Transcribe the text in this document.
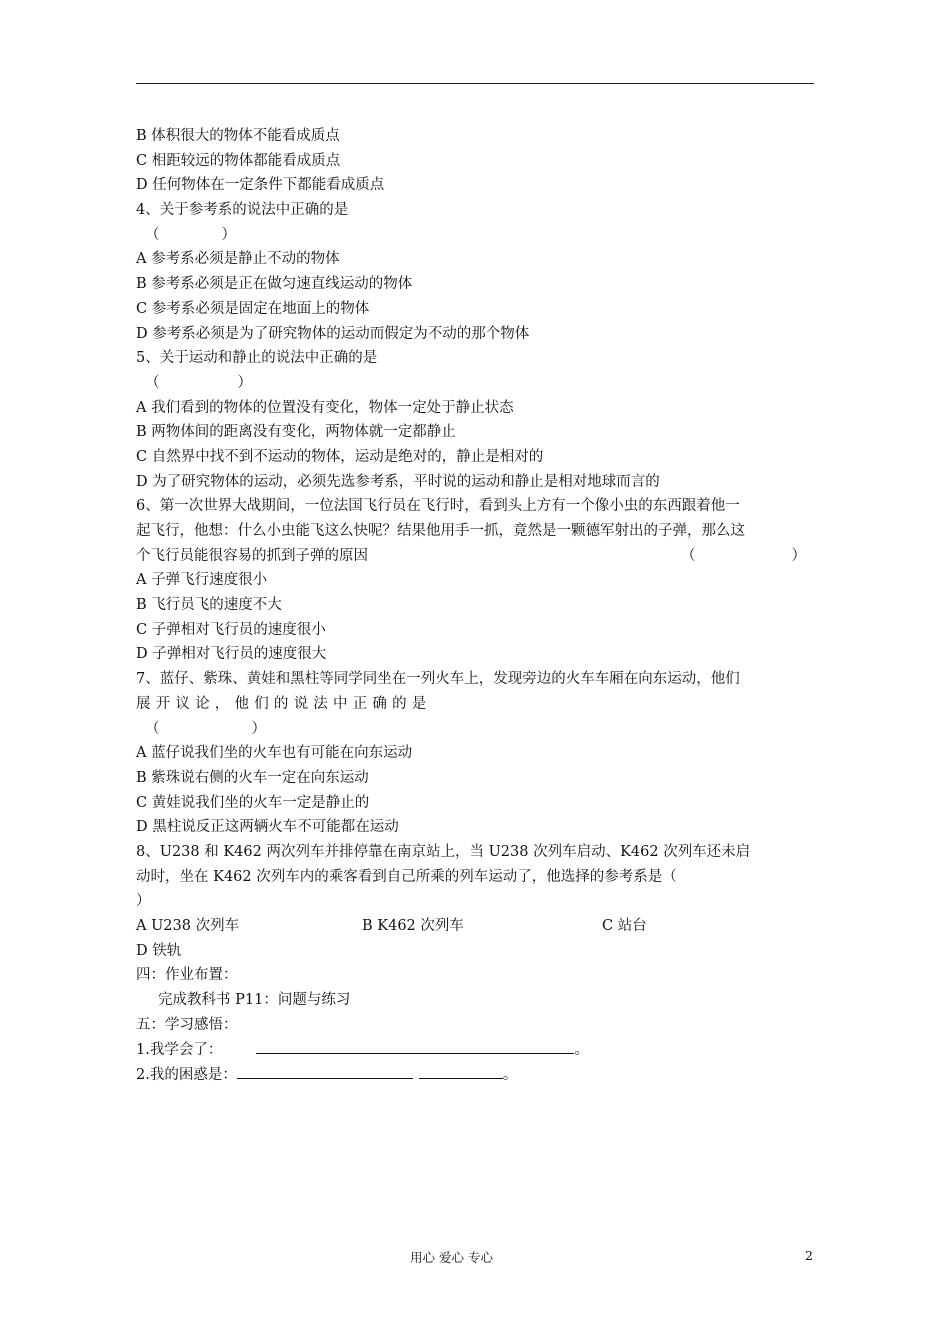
B 体积很大的物体不能看成质点
C 相距较远的物体都能看成质点
D 任何物体在一定条件下都能看成质点
4、关于参考系的说法中正确的是
（	）
A 参考系必须是静止不动的物体
B 参考系必须是正在做匀速直线运动的物体
C 参考系必须是固定在地面上的物体
D 参考系必须是为了研究物体的运动而假定为不动的那个物体
5、关于运动和静止的说法中正确的是
（	）
A 我们看到的物体的位置没有变化，物体一定处于静止状态
B 两物体间的距离没有变化，两物体就一定都静止
C 自然界中找不到不运动的物体，运动是绝对的，静止是相对的
D 为了研究物体的运动，必须先选参考系，平时说的运动和静止是相对地球而言的
6、第一次世界大战期间，一位法国飞行员在飞行时，看到头上方有一个像小虫的东西跟着他一
起飞行，他想：什么小虫能飞这么快呢？结果他用手一抓，竟然是一颗德军射出的子弹，那么这
个飞行员能很容易的抓到子弹的原因	（	）
A 子弹飞行速度很小
B 飞行员飞的速度不大
C 子弹相对飞行员的速度很小
D 子弹相对飞行员的速度很大
7、蓝仔、紫珠、黄娃和黑柱等同学同坐在一列火车上，发现旁边的火车车厢在向东运动，他们
展开议论，他们的说法中正确的是
（	）
A 蓝仔说我们坐的火车也有可能在向东运动
B 紫珠说右侧的火车一定在向东运动
C 黄娃说我们坐的火车一定是静止的
D 黑柱说反正这两辆火车不可能都在运动
8、U238 和 K462 两次列车并排停靠在南京站上，当 U238 次列车启动、K462 次列车还未启
动时，坐在 K462 次列车内的乘客看到自己所乘的列车运动了，他选择的参考系是（
）
A U238 次列车	B K462 次列车	C 站台
D 铁轨
四：作业布置：
完成教科书 P11：问题与练习
五：学习感悟：
1.我学会了：	。
2.我的困惑是：	。
用心 爱心 专心	2
